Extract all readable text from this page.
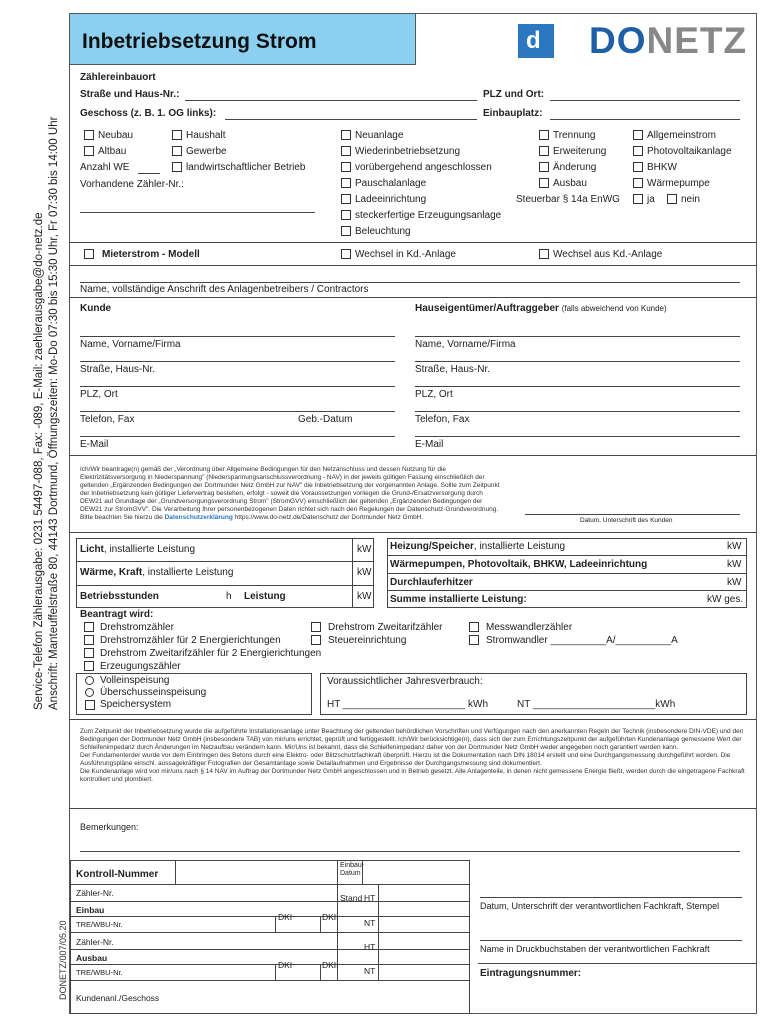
Service-Telefon Zählerausgabe: 0231 54497-088, Fax: -089, E-Mail: zaehlerausgabe@do-netz.de Anschrift: Manteuffelstraße 80, 44143 Dortmund, Öffnungszeiten: Mo-Do 07:30 bis 15:30 Uhr, Fr 07:30 bis 14:00 Uhr
DONETZ/007/05.20
Inbetriebsetzung Strom	d DONETZ
Zählereinbauort
Straße und Haus-Nr.:	PLZ und Ort:
Geschoss (z. B. 1. OG links):	Einbauplatz:
Neubau
Altbau
Anzahl WE
Vorhandene Zähler-Nr.:
Haushalt
Gewerbe
landwirtschaftlicher Betrieb
Neuanlage
Wiederinbetriebsetzung
vorübergehend angeschlossen
Pauschalanlage
Ladeeinrichtung
steckerfertige Erzeugungsanlage
Beleuchtung
Trennung
Erweiterung
Änderung
Ausbau
Steuerbar § 14a EnWG
Allgemeinstrom
Photovoltaikanlage
BHKW
Wärmepumpe
ja	nein
Mieterstrom - Modell	Wechsel in Kd.-Anlage	Wechsel aus Kd.-Anlage
Name, vollständige Anschrift des Anlagenbetreibers / Contractors
Kunde	Hauseigentümer/Auftraggeber (falls abweichend von Kunde)
Name, Vorname/Firma	Name, Vorname/Firma
Straße, Haus-Nr.	Straße, Haus-Nr.
PLZ, Ort	PLZ, Ort
Telefon, Fax	Geb.-Datum	Telefon, Fax
E-Mail	E-Mail
Ich/Wir beantrage(n) gemäß der „Verordnung über Allgemeine Bedingungen für den Netzanschluss und dessen Nutzung für die Elektrizitätsversorgung in Niederspannung" (Niederspannungsanschlussverordnung - NAV) in der jeweils gültigen Fassung einschließlich der geltenden „Ergänzenden Bedingungen der Dortmunder Netz GmbH zur NAV" die Inbetriebsetzung der vorgenannten Anlage. Sollte zum Zeitpunkt der Inbetriebsetzung kein gültiger Liefervertrag bestehen, erfolgt - soweit die Voraussetzungen vorliegen die Grund-/Ersatzversorgung durch DEW21 auf Grundlage der „Grundversorgungsverordnung Strom" (StromGVV) einschließlich der geltenden „Ergänzenden Bedingungen der DEW21 zur StromGVV". Die Verarbeitung Ihrer personenbezogenen Daten richtet sich nach den Regelungen der Datenschutz-Grundverordnung. Bitte beachten Sie hierzu die Datenschutzerklärung https://www.do-netz.de/Datenschutz der Dortmunder Netz GmbH.	Datum, Unterschrift des Kunden
Licht, installierte Leistung	kW
Wärme, Kraft, installierte Leistung	kW
Betriebsstunden	h Leistung	kW
Heizung/Speicher, installierte Leistung	kW
Wärmepumpen, Photovoltaik, BHKW, Ladeeinrichtung	kW
Durchlauferhitzer	kW
Summe installierte Leistung:	kW ges.
Beantragt wird:
Drehstromzähler
Drehstromzähler für 2 Energierichtungen
Drehstrom Zweitarifzähler für 2 Energierichtungen
Erzeugungszähler
Drehstrom Zweitarifzähler
Steuereinrichtung
Messwandlerzähler
Stromwandler __________A/__________A
Volleinspeisung
Überschusseinspeisung
Speichersystem
Voraussichtlicher Jahresverbrauch:
HT ______________________ kWh	NT ______________________kWh
Zum Zeitpunkt der Inbetriebsetzung wurde die aufgeführte Installationsanlage unter Beachtung der geltenden behördlichen Vorschriften und Verfügungen nach den anerkannten Regeln der Technik (insbesondere DIN-VDE) und den Bedingungen der Dortmunder Netz GmbH (insbesondere TAB) von mir/uns errichtet, geprüft und fertiggestellt. Ich/Wir berücksichtige(n), dass sich der zum Errichtungszeitpunkt der aufgeführten Kundenanlage gemessene Wert der Schleifenimpedanz durch Änderungen im Netzaufbau verändern kann. Mir/Uns ist bekannt, dass die Schleifenimpedanz daher von der Dortmunder Netz GmbH weder angegeben noch garantiert werden kann.
Der Fundamenterder wurde vor dem Einbringen des Betons durch eine Elektro- oder Blitzschutzfachkraft überprüft. Hierzu ist die Dokumentation nach DIN 18014 erstellt und eine Durchgangsmessung durchgeführt worden. Die Ausführungspläne einschl. aussagekräftiger Fotografien der Gesamtanlage sowie Detailaufnahmen und Ergebnisse der Durchgangsmessung sind dokumentiert.
Die Kundenanlage wird von mir/uns nach § 14 NAV im Auftrag der Dortmunder Netz GmbH angeschlossen und in Betrieb gesetzt. Alle Anlagenteile, in denen nicht gemessene Energie fließt, werden durch die eingetragene Fachkraft kontrolliert und plombiert.
Bemerkungen:
Kontroll-Nummer
Einbau-Datum
Zähler-Nr.	Stand HT
Einbau
TRE/WBU-Nr.
DKI	DKII
NT
Zähler-Nr.	HT
Ausbau
TRE/WBU-Nr.
DKI	DKII
NT
Kundenanl./Geschoss
Datum, Unterschrift der verantwortlichen Fachkraft, Stempel
Name in Druckbuchstaben der verantwortlichen Fachkraft
Eintragungsnummer:
